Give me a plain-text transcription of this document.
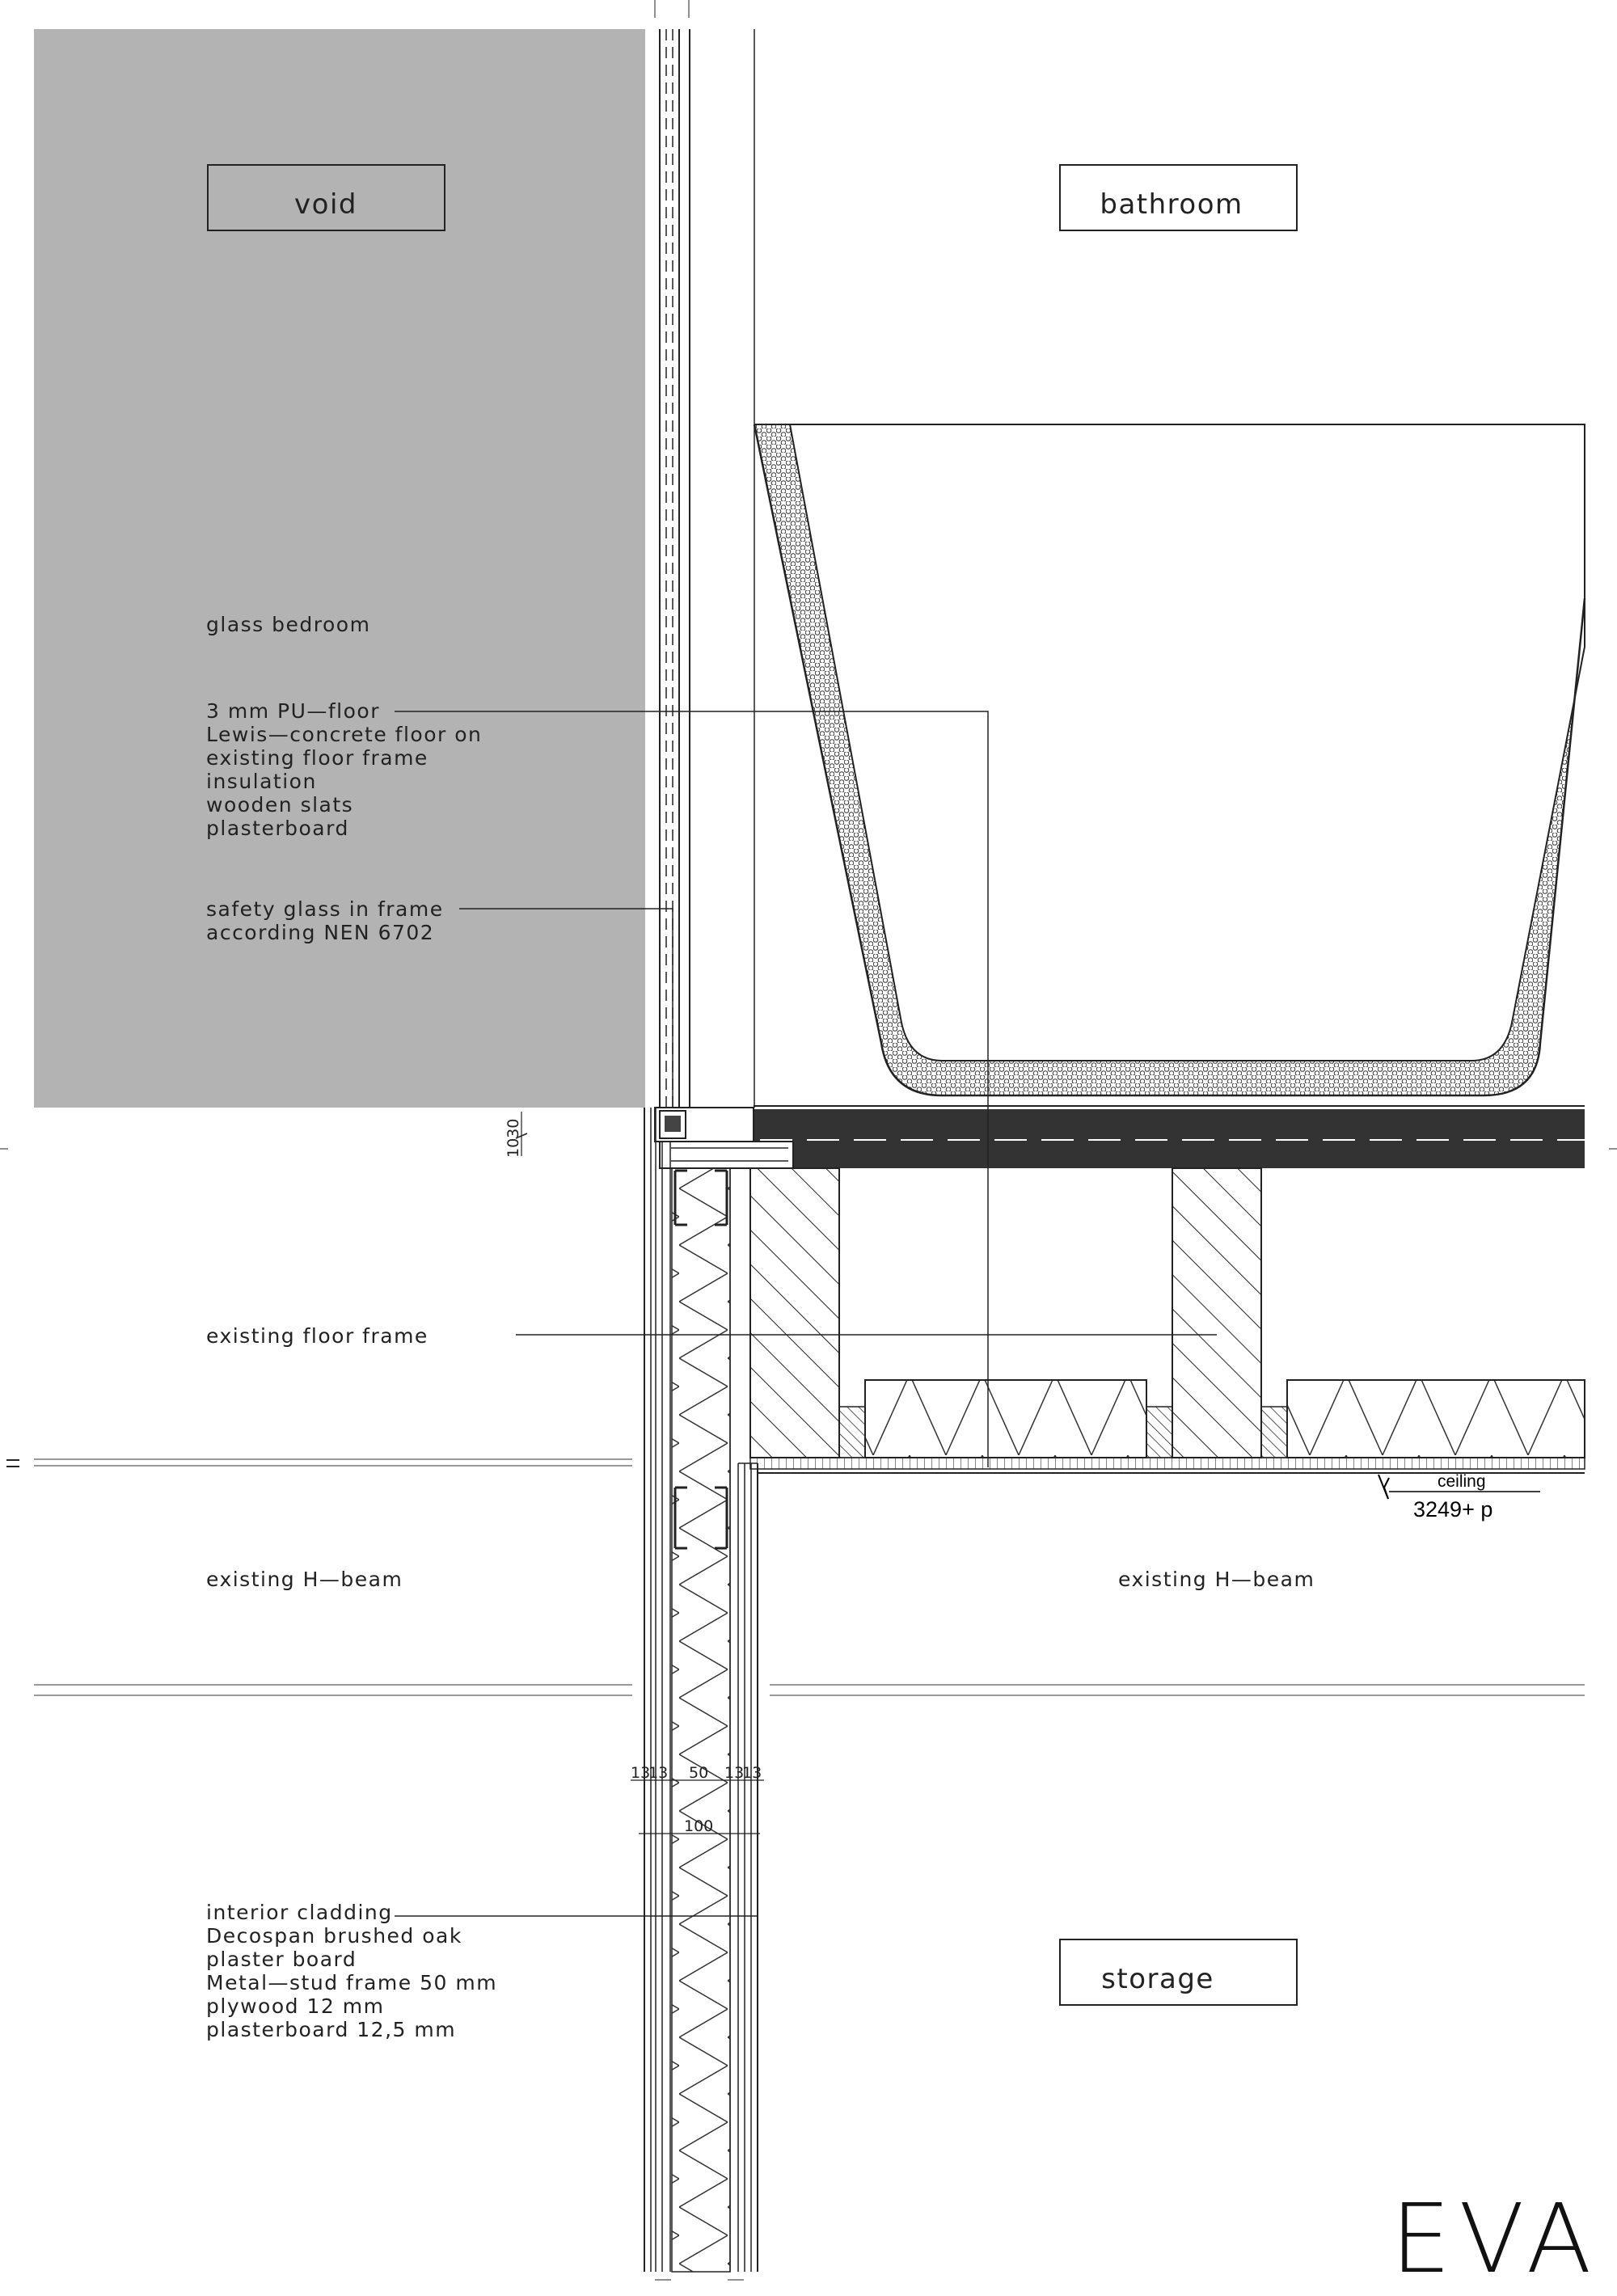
void	bathroom
storage
glass bedroom
3 mm PU—floor
Lewis—concrete floor on
existing floor frame
insulation
wooden slats
plasterboard
safety glass in frame
according NEN 6702
existing floor frame
existing H—beam	existing H—beam
interior cladding
Decospan brushed oak
plaster board
Metal—stud frame 50 mm
plywood 12 mm
plasterboard 12,5 mm
1030
13
13 50 13
13
100
ceiling
3249+ p
EVA
